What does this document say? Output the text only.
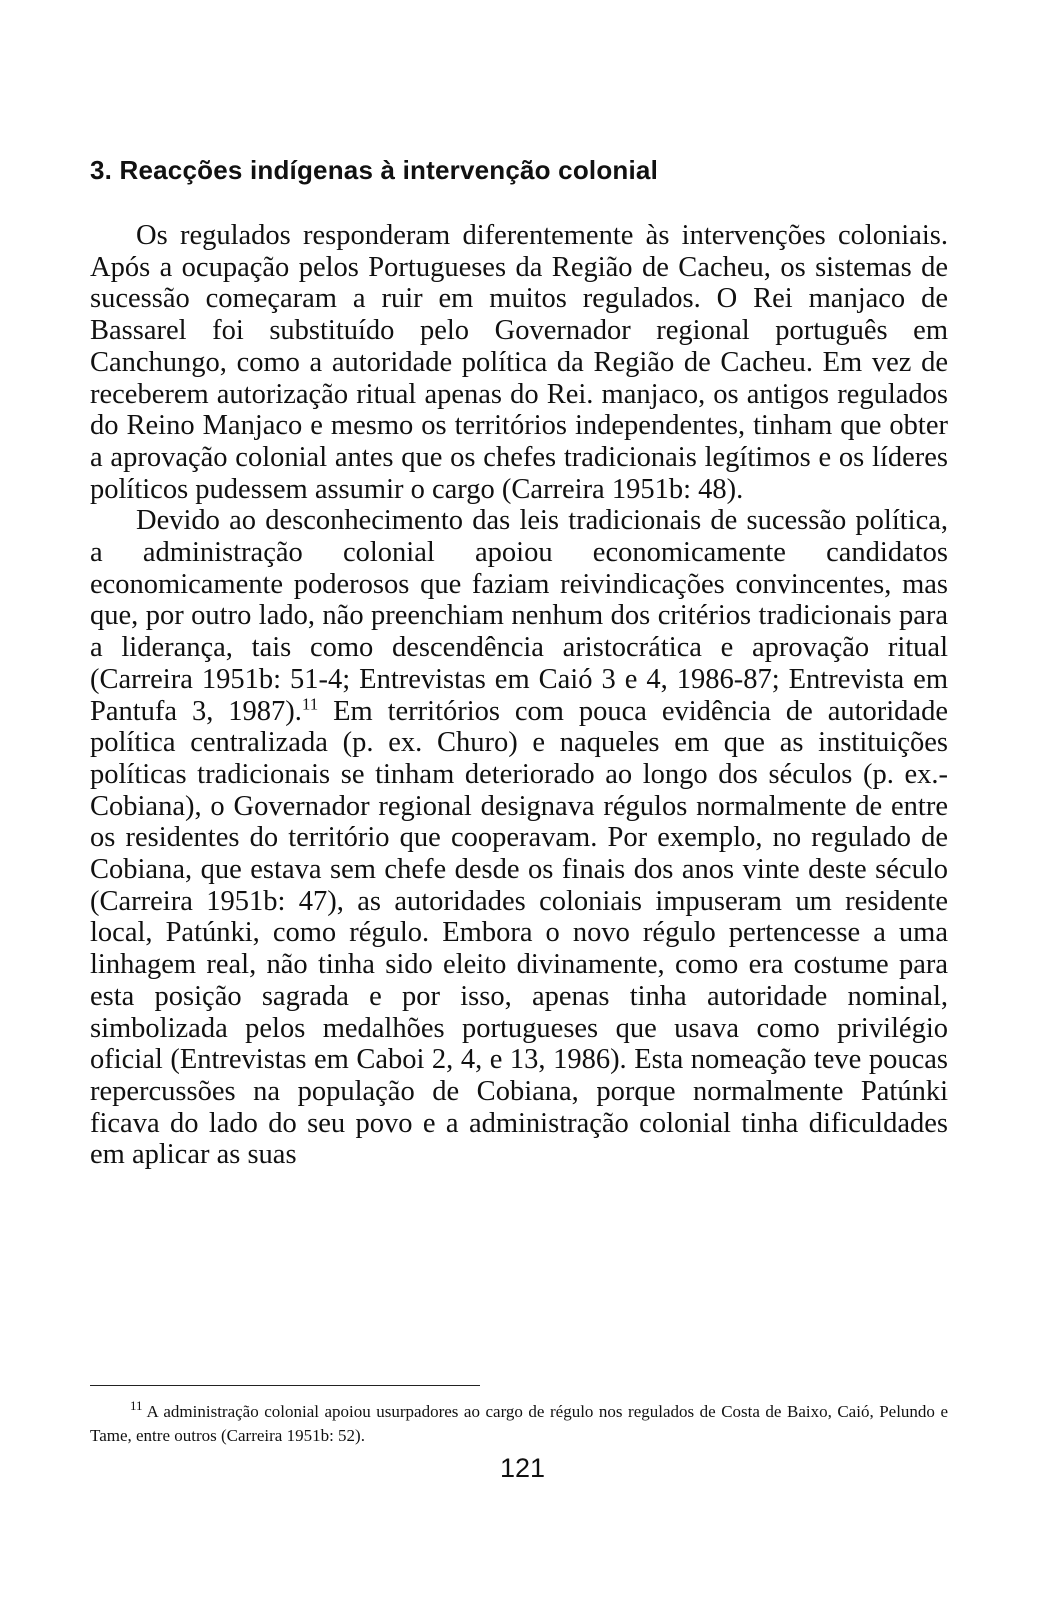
3. Reacções indígenas à intervenção colonial

Os regulados responderam diferentemente às intervenções coloniais. Após a ocupação pelos Portugueses da Região de Cacheu, os sistemas de sucessão começaram a ruir em muitos regulados. O Rei manjaco de Bassarel foi substituído pelo Governador regional português em Canchungo, como a autoridade política da Região de Cacheu. Em vez de receberem autorização ritual apenas do Rei. manjaco, os antigos regulados do Reino Manjaco e mesmo os territórios independentes, tinham que obter a aprovação colonial antes que os chefes tradicionais legítimos e os líderes políticos pudessem assumir o cargo (Carreira 1951b: 48).

Devido ao desconhecimento das leis tradicionais de sucessão política, a administração colonial apoiou economicamente candidatos economicamente poderosos que faziam reivindicações convincentes, mas que, por outro lado, não preenchiam nenhum dos critérios tradicionais para a liderança, tais como descendência aristocrática e aprovação ritual (Carreira 1951b: 51-4; Entrevistas em Caió 3 e 4, 1986-87; Entrevista em Pantufa 3, 1987).$^{11}$ Em territórios com pouca evidência de autoridade política centralizada (p. ex. Churo) e naqueles em que as instituições políticas tradicionais se tinham deteriorado ao longo dos séculos (p. ex.-Cobiana), o Governador regional designava régulos normalmente de entre os residentes do território que cooperavam. Por exemplo, no regulado de Cobiana, que estava sem chefe desde os finais dos anos vinte deste século (Carreira 1951b: 47), as autoridades coloniais impuseram um residente local, Patúnki, como régulo. Embora o novo régulo pertencesse a uma linhagem real, não tinha sido eleito divinamente, como era costume para esta posição sagrada e por isso, apenas tinha autoridade nominal, simbolizada pelos medalhões portugueses que usava como privilégio oficial (Entrevistas em Caboi 2, 4, e 13, 1986). Esta nomeação teve poucas repercussões na população de Cobiana, porque normalmente Patúnki ficava do lado do seu povo e a administração colonial tinha dificuldades em aplicar as suas

$^{11}$ A administração colonial apoiou usurpadores ao cargo de régulo nos regulados de Costa de Baixo, Caió, Pelundo e Tame, entre outros (Carreira 1951b: 52).

121
